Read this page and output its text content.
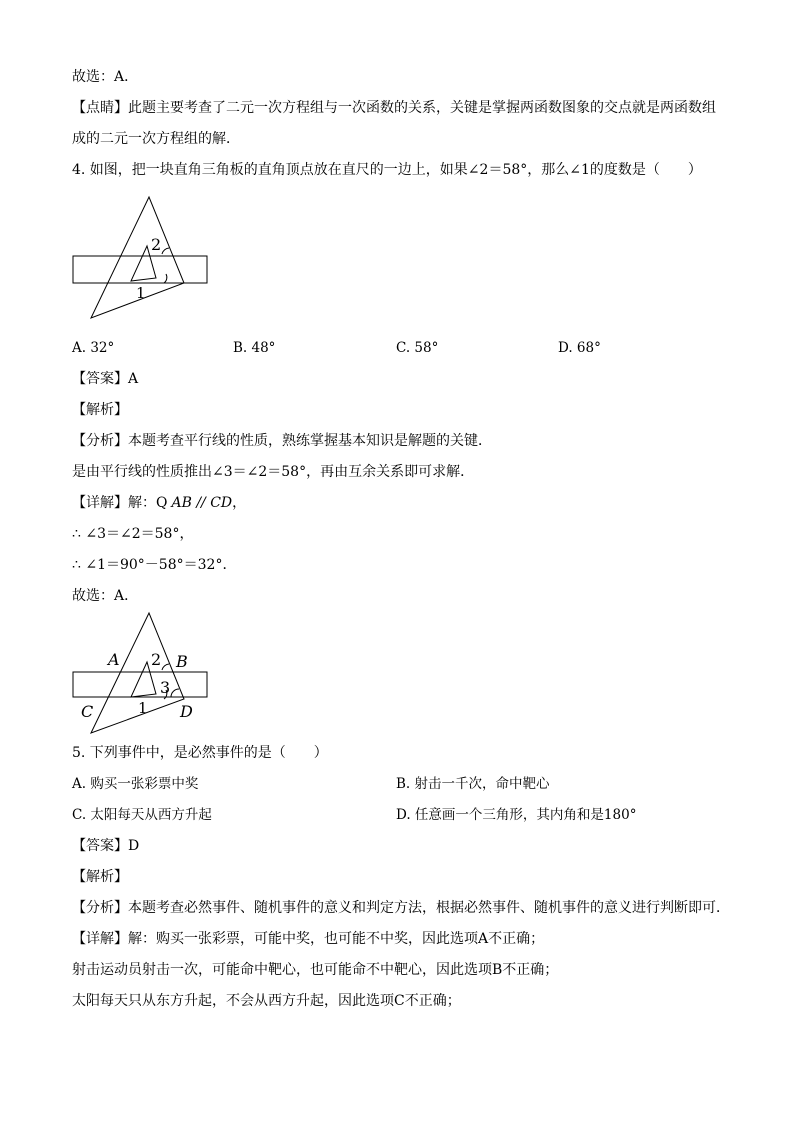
故选：A．
【点睛】此题主要考查了二元一次方程组与一次函数的关系，关键是掌握两函数图象的交点就是两函数组
成的二元一次方程组的解．
4. 如图，把一块直角三角板的直角顶点放在直尺的一边上，如果∠2＝58°，那么∠1的度数是（　　）
2
1
A. 32°	B. 48°	C. 58°	D. 68°
【答案】A
【解析】
【分析】本题考查平行线的性质，熟练掌握基本知识是解题的关键．
是由平行线的性质推出∠3＝∠2＝58°，再由互余关系即可求解．
【详解】解：Q AB // CD，
∴ ∠3＝∠2＝58°，
∴ ∠1＝90°－58°＝32°．
故选：A．
A 2 B
3
1
C	D
5. 下列事件中，是必然事件的是（　　）
A. 购买一张彩票中奖	B. 射击一千次，命中靶心
C. 太阳每天从西方升起	D. 任意画一个三角形，其内角和是180°
【答案】D
【解析】
【分析】本题考查必然事件、随机事件的意义和判定方法，根据必然事件、随机事件的意义进行判断即可．
【详解】解：购买一张彩票，可能中奖，也可能不中奖，因此选项A不正确；
射击运动员射击一次，可能命中靶心，也可能命不中靶心，因此选项B不正确；
太阳每天只从东方升起，不会从西方升起，因此选项C不正确；
